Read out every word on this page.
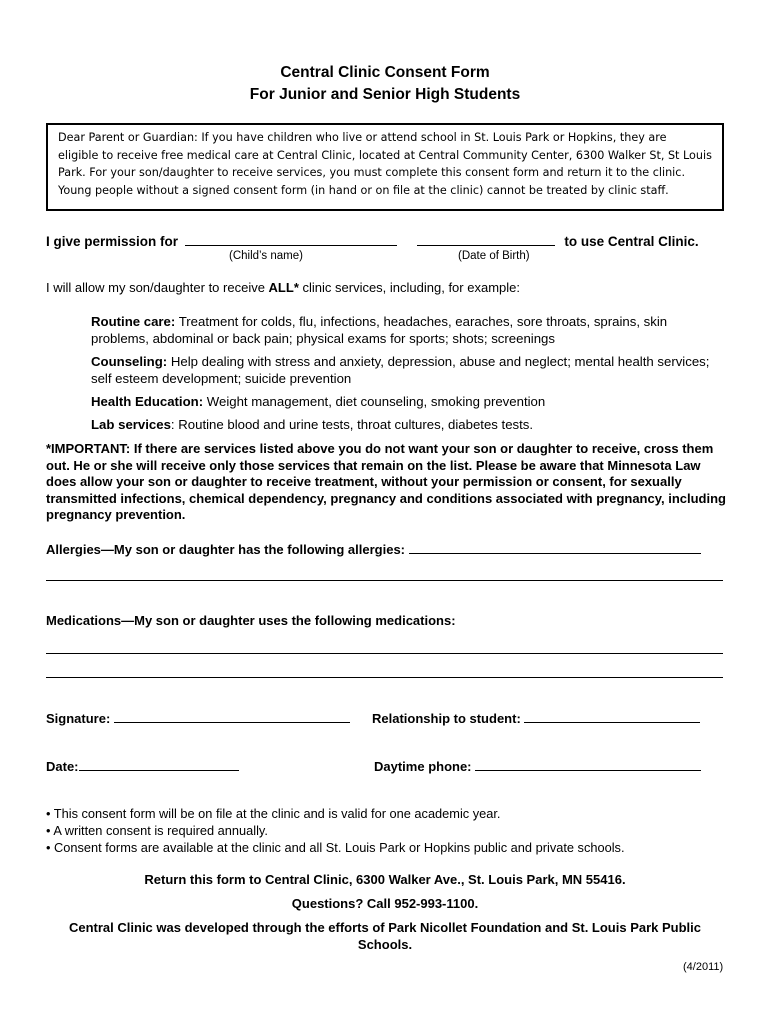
Central Clinic Consent Form
For Junior and Senior High Students
Dear Parent or Guardian: If you have children who live or attend school in St. Louis Park or Hopkins, they are
eligible to receive free medical care at Central Clinic, located at Central Community Center, 6300 Walker St, St Louis
Park. For your son/daughter to receive services, you must complete this consent form and return it to the clinic.
Young people without a signed consent form (in hand or on file at the clinic) cannot be treated by clinic staff.
I give permission for	to use Central Clinic.
(Child’s name)	(Date of Birth)
I will allow my son/daughter to receive ALL* clinic services, including, for example:
Routine care: Treatment for colds, flu, infections, headaches, earaches, sore throats, sprains, skin problems, abdominal or back pain; physical exams for sports; shots; screenings
Counseling: Help dealing with stress and anxiety, depression, abuse and neglect; mental health services; self esteem development; suicide prevention
Health Education: Weight management, diet counseling, smoking prevention
Lab services: Routine blood and urine tests, throat cultures, diabetes tests.
*IMPORTANT: If there are services listed above you do not want your son or daughter to receive, cross them out. He or she will receive only those services that remain on the list. Please be aware that Minnesota Law does allow your son or daughter to receive treatment, without your permission or consent, for sexually transmitted infections, chemical dependency, pregnancy and conditions associated with pregnancy, including pregnancy prevention.
Allergies—My son or daughter has the following allergies:
Medications—My son or daughter uses the following medications:
Signature:	Relationship to student:
Date:	Daytime phone:
• This consent form will be on file at the clinic and is valid for one academic year.
• A written consent is required annually.
• Consent forms are available at the clinic and all St. Louis Park or Hopkins public and private schools.
Return this form to Central Clinic, 6300 Walker Ave., St. Louis Park, MN 55416.
Questions? Call 952-993-1100.
Central Clinic was developed through the efforts of Park Nicollet Foundation and St. Louis Park Public
Schools.
(4/2011)
